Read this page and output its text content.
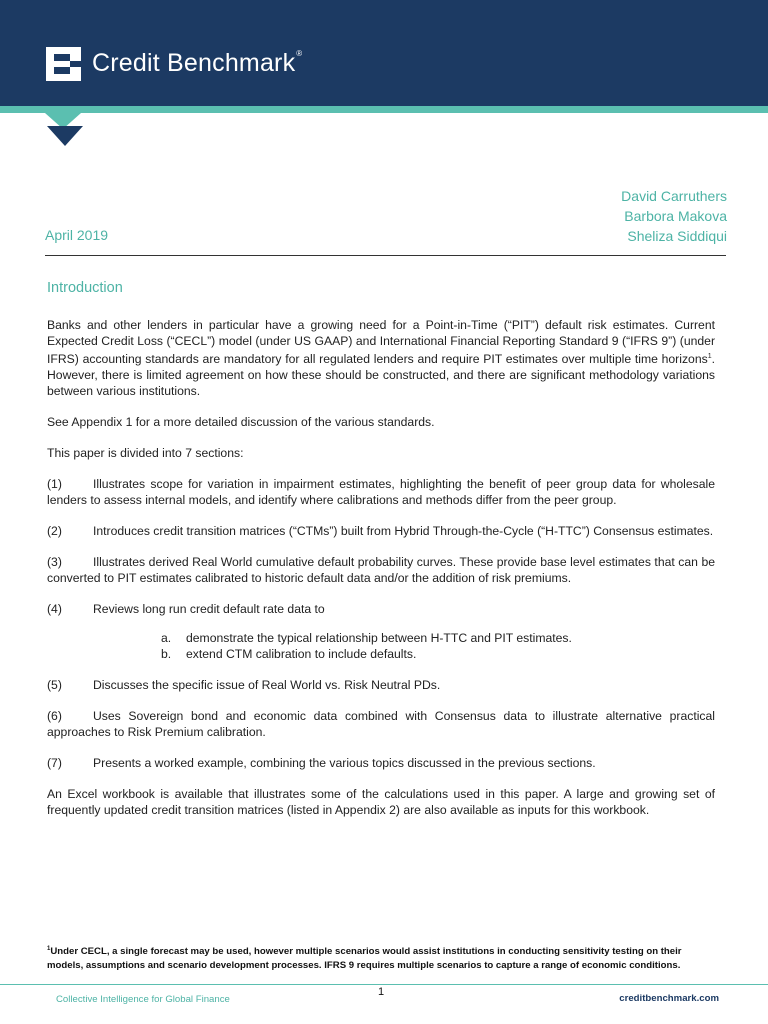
Credit Benchmark®
David Carruthers
Barbora Makova
Sheliza Siddiqui
April 2019
Introduction

Banks and other lenders in particular have a growing need for a Point-in-Time (“PIT”) default risk estimates. Current Expected Credit Loss (“CECL”) model (under US GAAP) and International Financial Reporting Standard 9 (“IFRS 9”) (under IFRS) accounting standards are mandatory for all regulated lenders and require PIT estimates over multiple time horizons$^1$. However, there is limited agreement on how these should be constructed, and there are significant methodology variations between various institutions.

See Appendix 1 for a more detailed discussion of the various standards.

This paper is divided into 7 sections:

(1)	Illustrates scope for variation in impairment estimates, highlighting the benefit of peer group data for wholesale lenders to assess internal models, and identify where calibrations and methods differ from the peer group.
(2)	Introduces credit transition matrices (“CTMs”) built from Hybrid Through-the-Cycle (“H-TTC”) Consensus estimates.
(3)	Illustrates derived Real World cumulative default probability curves. These provide base level estimates that can be converted to PIT estimates calibrated to historic default data and/or the addition of risk premiums.
(4)	Reviews long run credit default rate data to
a.	demonstrate the typical relationship between H-TTC and PIT estimates.
b.	extend CTM calibration to include defaults.
(5)	Discusses the specific issue of Real World vs. Risk Neutral PDs.
(6)	Uses Sovereign bond and economic data combined with Consensus data to illustrate alternative practical approaches to Risk Premium calibration.
(7)	Presents a worked example, combining the various topics discussed in the previous sections.

An Excel workbook is available that illustrates some of the calculations used in this paper. A large and growing set of frequently updated credit transition matrices (listed in Appendix 2) are also available as inputs for this workbook.

$^1$Under CECL, a single forecast may be used, however multiple scenarios would assist institutions in conducting sensitivity testing on their models, assumptions and scenario development processes. IFRS 9 requires multiple scenarios to capture a range of economic conditions.
Collective Intelligence for Global Finance
1
creditbenchmark.com
